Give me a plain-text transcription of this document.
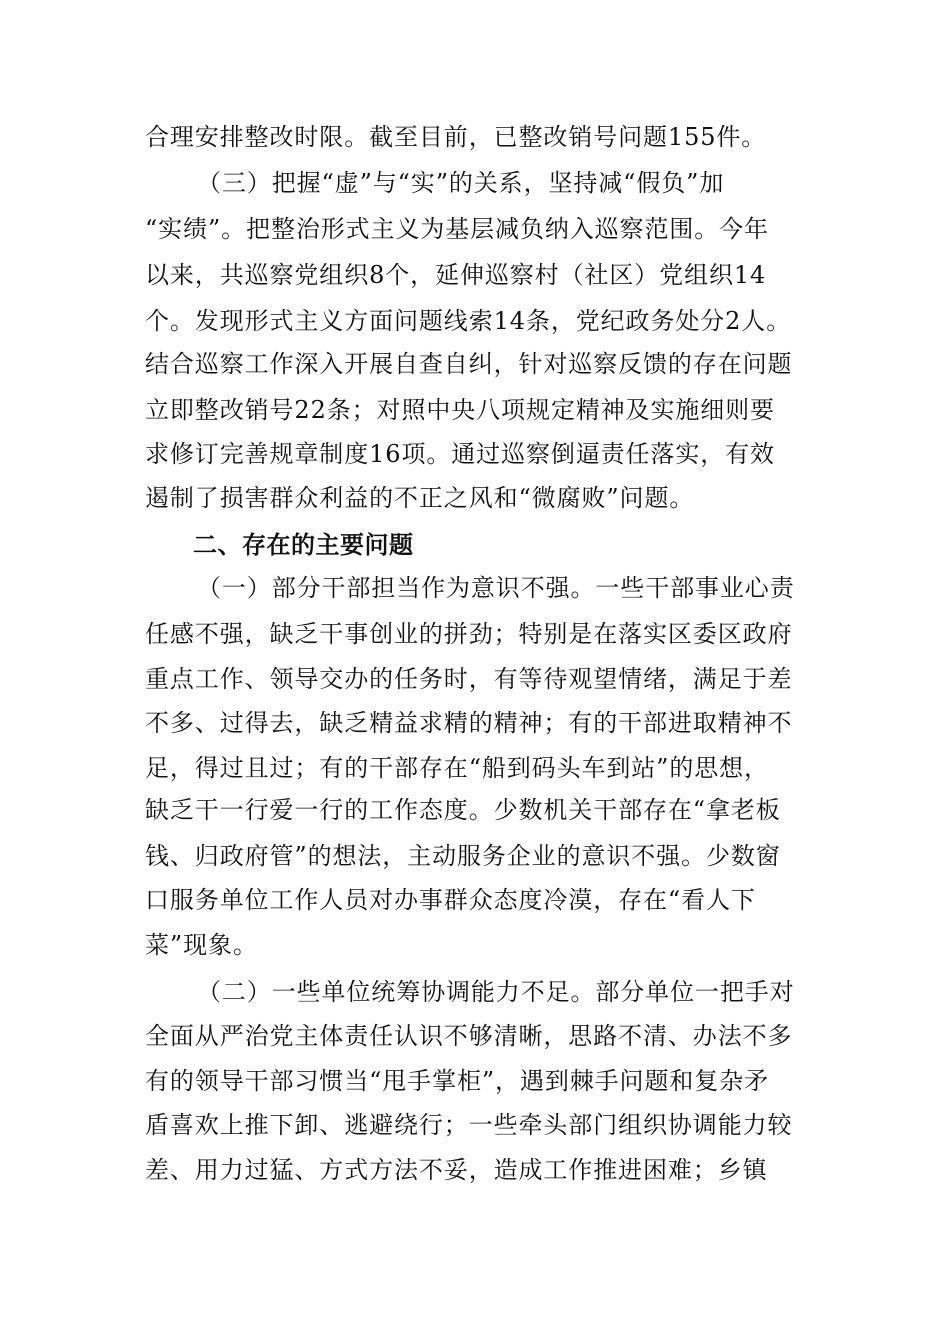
合理安排整改时限。截至目前，已整改销号问题155件。
（三）把握“虚”与“实”的关系，坚持减“假负”加
“实绩”。把整治形式主义为基层减负纳入巡察范围。今年
以来，共巡察党组织8个，延伸巡察村（社区）党组织14
个。发现形式主义方面问题线索14条，党纪政务处分2人。
结合巡察工作深入开展自查自纠，针对巡察反馈的存在问题
立即整改销号22条；对照中央八项规定精神及实施细则要
求修订完善规章制度16项。通过巡察倒逼责任落实，有效
遏制了损害群众利益的不正之风和“微腐败”问题。
二、存在的主要问题
（一）部分干部担当作为意识不强。一些干部事业心责
任感不强，缺乏干事创业的拼劲；特别是在落实区委区政府
重点工作、领导交办的任务时，有等待观望情绪，满足于差
不多、过得去，缺乏精益求精的精神；有的干部进取精神不
足，得过且过；有的干部存在“船到码头车到站”的思想，
缺乏干一行爱一行的工作态度。少数机关干部存在“拿老板
钱、归政府管”的想法，主动服务企业的意识不强。少数窗
口服务单位工作人员对办事群众态度冷漠，存在“看人下
菜”现象。
（二）一些单位统筹协调能力不足。部分单位一把手对
全面从严治党主体责任认识不够清晰，思路不清、办法不多
有的领导干部习惯当“甩手掌柜”，遇到棘手问题和复杂矛
盾喜欢上推下卸、逃避绕行；一些牵头部门组织协调能力较
差、用力过猛、方式方法不妥，造成工作推进困难；乡镇
